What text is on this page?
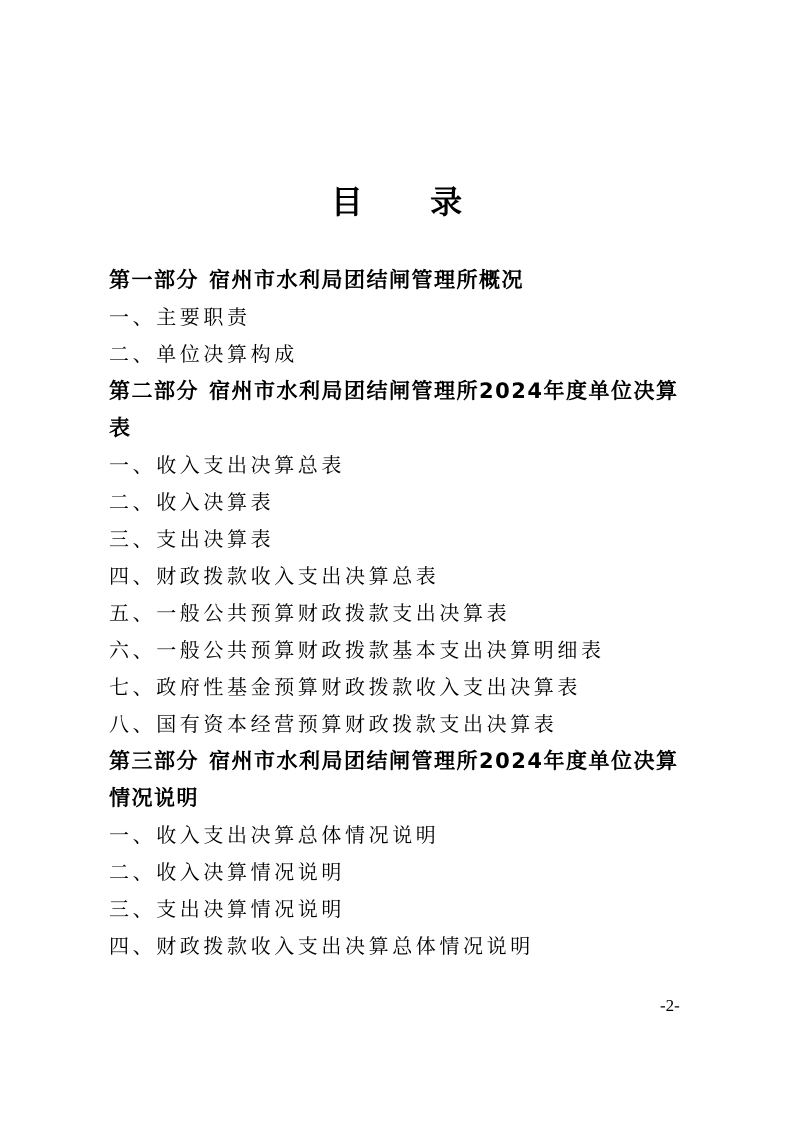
目 录
第一部分 宿州市水利局团结闸管理所概况
一、主要职责
二、单位决算构成
第二部分 宿州市水利局团结闸管理所2024年度单位决算表
一、收入支出决算总表
二、收入决算表
三、支出决算表
四、财政拨款收入支出决算总表
五、一般公共预算财政拨款支出决算表
六、一般公共预算财政拨款基本支出决算明细表
七、政府性基金预算财政拨款收入支出决算表
八、国有资本经营预算财政拨款支出决算表
第三部分 宿州市水利局团结闸管理所2024年度单位决算情况说明
一、收入支出决算总体情况说明
二、收入决算情况说明
三、支出决算情况说明
四、财政拨款收入支出决算总体情况说明
-2-
